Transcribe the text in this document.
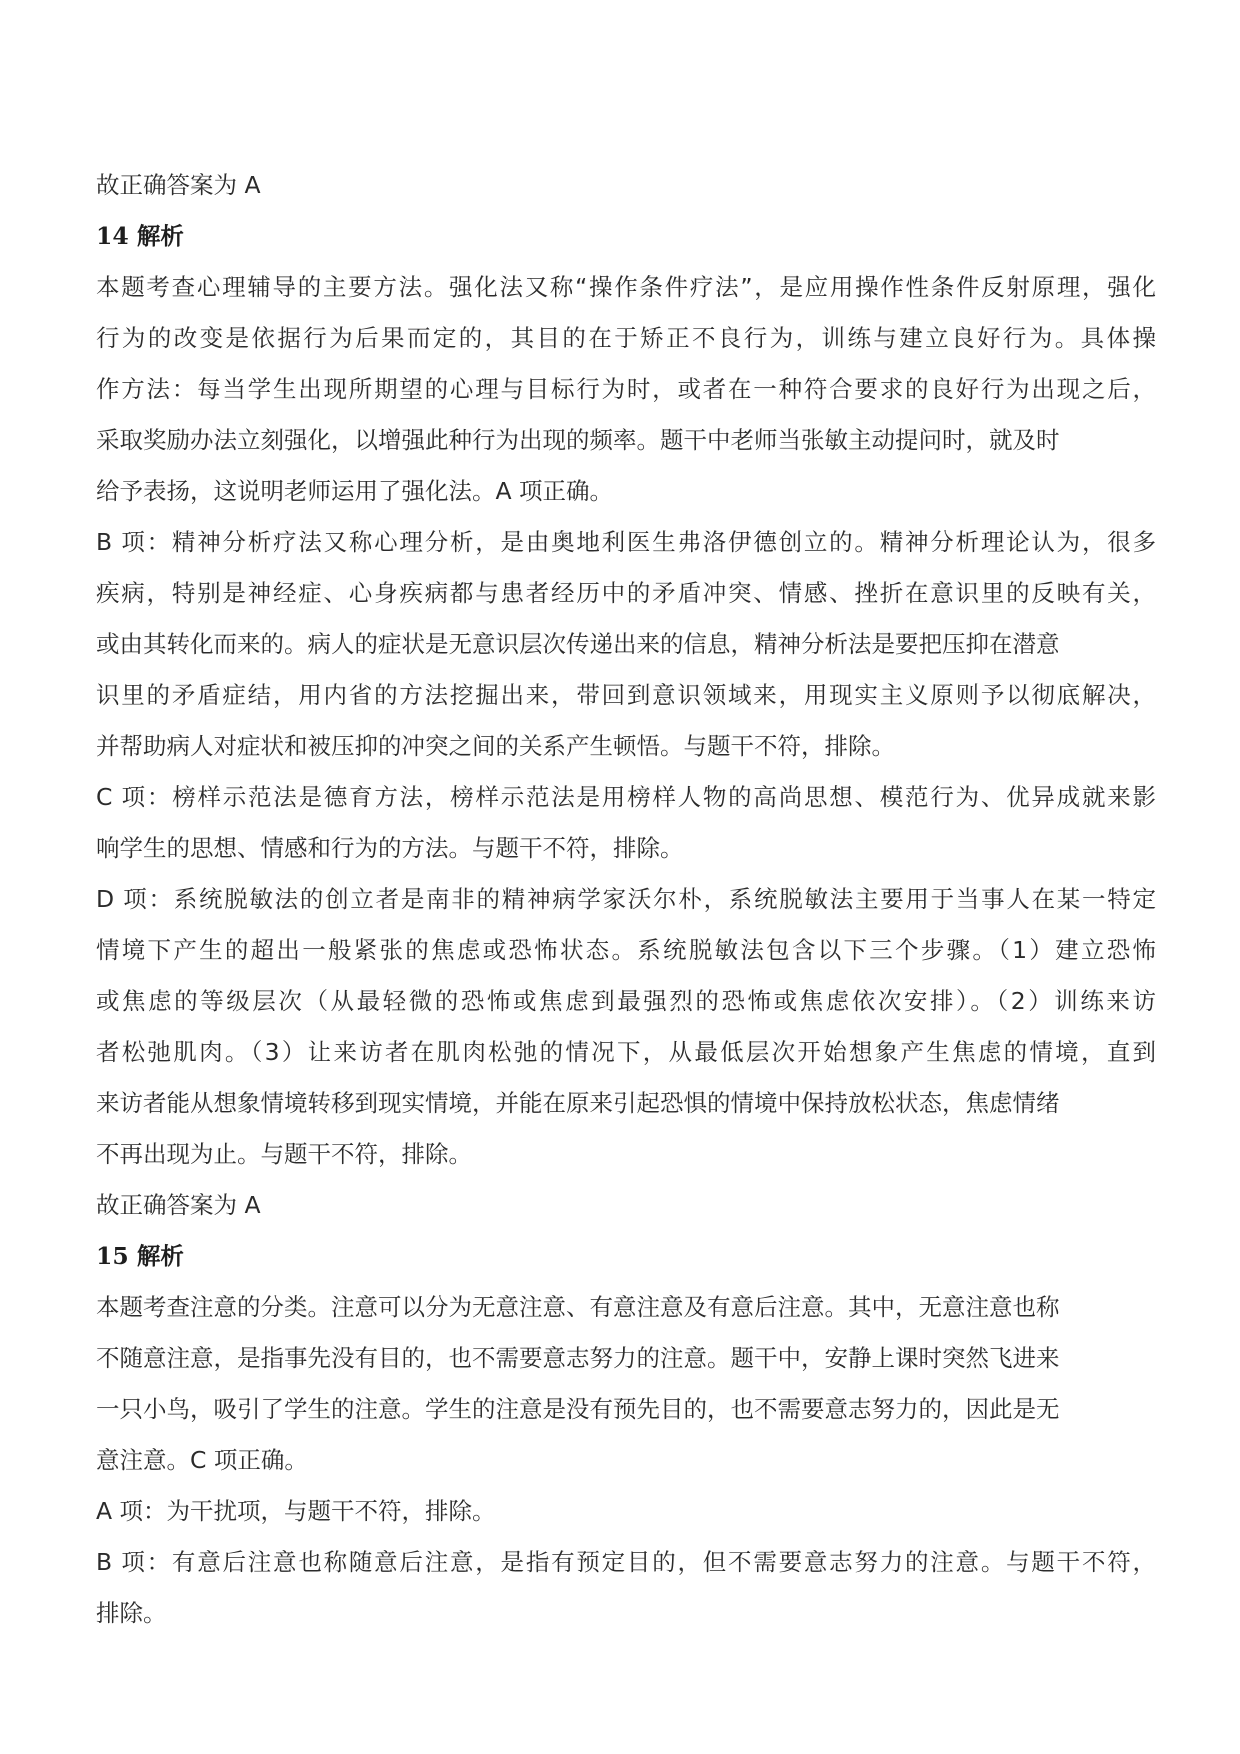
故正确答案为 A
14 解析
本题考查心理辅导的主要方法。强化法又称“操作条件疗法”，是应用操作性条件反射原理，强化
行为的改变是依据行为后果而定的，其目的在于矫正不良行为，训练与建立良好行为。具体操
作方法：每当学生出现所期望的心理与目标行为时，或者在一种符合要求的良好行为出现之后，
采取奖励办法立刻强化，以增强此种行为出现的频率。题干中老师当张敏主动提问时，就及时
给予表扬，这说明老师运用了强化法。A 项正确。
B 项：精神分析疗法又称心理分析，是由奥地利医生弗洛伊德创立的。精神分析理论认为，很多
疾病，特别是神经症、心身疾病都与患者经历中的矛盾冲突、情感、挫折在意识里的反映有关，
或由其转化而来的。病人的症状是无意识层次传递出来的信息，精神分析法是要把压抑在潜意
识里的矛盾症结，用内省的方法挖掘出来，带回到意识领域来，用现实主义原则予以彻底解决，
并帮助病人对症状和被压抑的冲突之间的关系产生顿悟。与题干不符，排除。
C 项：榜样示范法是德育方法，榜样示范法是用榜样人物的高尚思想、模范行为、优异成就来影
响学生的思想、情感和行为的方法。与题干不符，排除。
D 项：系统脱敏法的创立者是南非的精神病学家沃尔朴，系统脱敏法主要用于当事人在某一特定
情境下产生的超出一般紧张的焦虑或恐怖状态。系统脱敏法包含以下三个步骤。（1）建立恐怖
或焦虑的等级层次（从最轻微的恐怖或焦虑到最强烈的恐怖或焦虑依次安排）。（2）训练来访
者松弛肌肉。（3）让来访者在肌肉松弛的情况下，从最低层次开始想象产生焦虑的情境，直到
来访者能从想象情境转移到现实情境，并能在原来引起恐惧的情境中保持放松状态，焦虑情绪
不再出现为止。与题干不符，排除。
故正确答案为 A
15 解析
本题考查注意的分类。注意可以分为无意注意、有意注意及有意后注意。其中，无意注意也称
不随意注意，是指事先没有目的，也不需要意志努力的注意。题干中，安静上课时突然飞进来
一只小鸟，吸引了学生的注意。学生的注意是没有预先目的，也不需要意志努力的，因此是无
意注意。C 项正确。
A 项：为干扰项，与题干不符，排除。
B 项：有意后注意也称随意后注意，是指有预定目的，但不需要意志努力的注意。与题干不符，
排除。
